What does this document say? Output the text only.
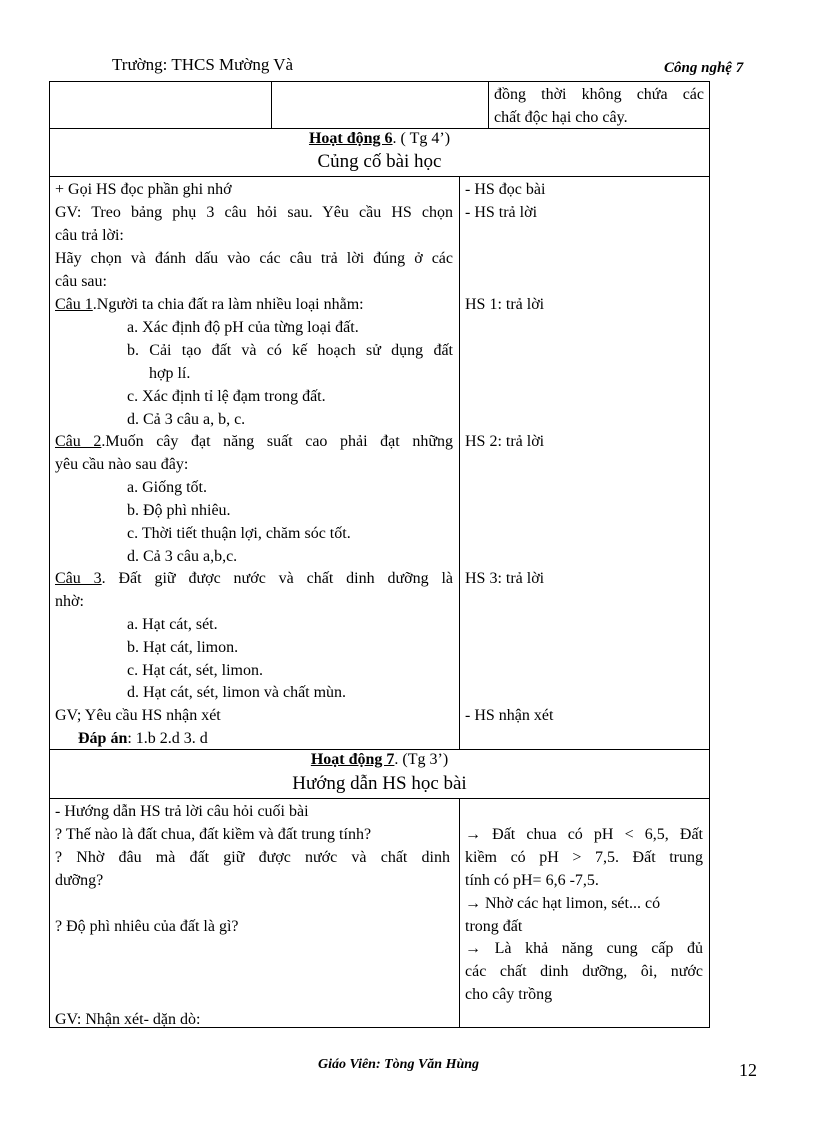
Trường: THCS Mường Và	Công nghệ 7
đồng thời không chứa các
chất độc hại cho cây.
Hoạt động 6. ( Tg 4’)
Củng cố bài học
+ Gọi HS đọc phần ghi nhớ
GV: Treo bảng phụ 3 câu hỏi sau. Yêu cầu HS chọn
câu trả lời:
Hãy chọn và đánh dấu vào các câu trả lời đúng ở các
câu sau:
Câu 1.Người ta chia đất ra làm nhiều loại nhằm:
a. Xác định độ pH của từng loại đất.
b. Cải tạo đất và có kế hoạch sử dụng đất
hợp lí.
c. Xác định tỉ lệ đạm trong đất.
d. Cả 3 câu a, b, c.
Câu 2.Muốn cây đạt năng suất cao phải đạt những
yêu cầu nào sau đây:
a. Giống tốt.
b. Độ phì nhiêu.
c. Thời tiết thuận lợi, chăm sóc tốt.
d. Cả 3 câu a,b,c.
Câu 3. Đất giữ được nước và chất dinh dưỡng là
nhờ:
a. Hạt cát, sét.
b. Hạt cát, limon.
c. Hạt cát, sét, limon.
d. Hạt cát, sét, limon và chất mùn.
GV; Yêu cầu HS nhận xét
Đáp án: 1.b 2.d 3. d
- HS đọc bài
- HS trả lời
HS 1: trả lời
HS 2: trả lời
HS 3: trả lời
- HS nhận xét
Hoạt động 7. (Tg 3’)
Hướng dẫn HS học bài
- Hướng dẫn HS trả lời câu hỏi cuối bài
? Thế nào là đất chua, đất kiềm và đất trung tính?
? Nhờ đâu mà đất giữ được nước và chất dinh
dưỡng?
? Độ phì nhiêu của đất là gì?
GV: Nhận xét- dặn dò:
→ Đất chua có pH < 6,5, Đất
kiềm có pH > 7,5. Đất trung
tính có pH= 6,6 -7,5.
→ Nhờ các hạt limon, sét... có
trong đất
→ Là khả năng cung cấp đủ
các chất dinh dưỡng, ôi, nước
cho cây trồng
Giáo Viên: Tòng Văn Hùng	12
